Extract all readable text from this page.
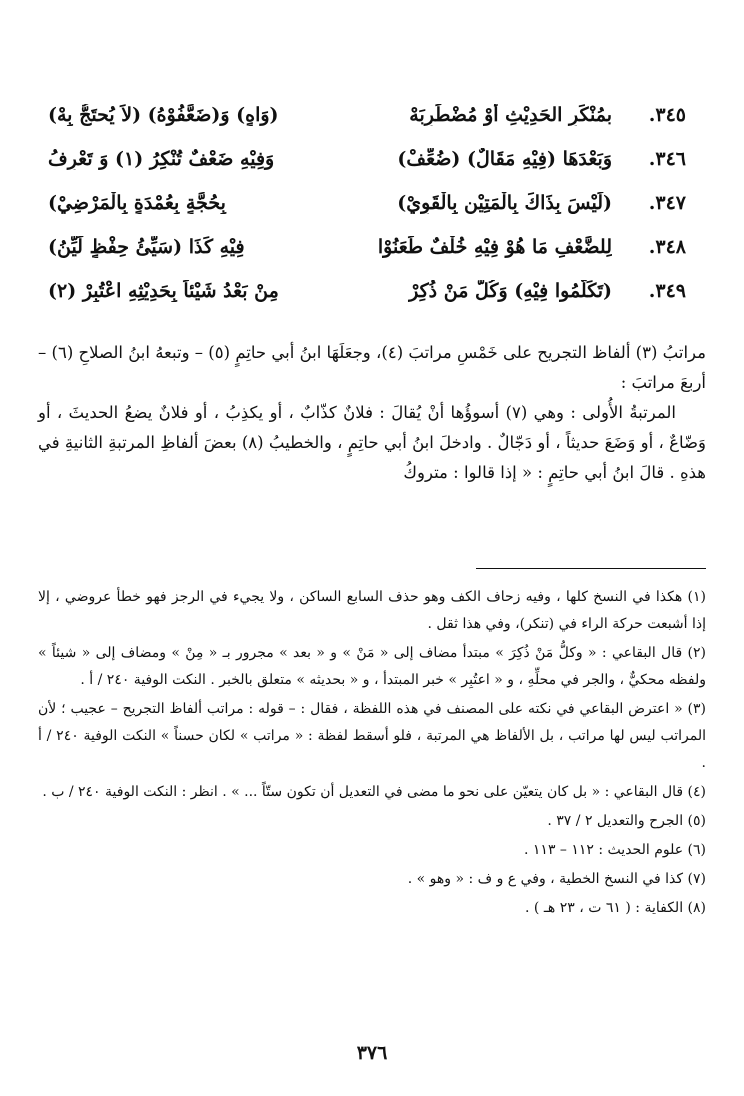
٣٤٥.
بمُنْكَرِ الحَدِيْثِ أَوْ مُضْطَرِبَهْ
(وَاهٍ) وَ(ضَعَّفُوْهُ) (لاَ يُحتَجُّ بِهْ)
٣٤٦.
وَبَعْدَهَا (فِيْهِ مَقَالٌ) (ضُعِّفْ)
وَفِيْهِ ضَعْفٌ تُنْكِرُ (١) وَ تَعْرِفُ
٣٤٧.
(لَيْسَ بِذَاكَ بِالْمَتِيْنِ بِالْقَوِيْ)
بِحُجَّةٍ بِعُمْدَةٍ بِالْمَرْضِيْ)
٣٤٨.
لِلضَّعْفِ مَا هُوْ فِيْهِ خُلْفٌ طَعَنُوْا
فِيْهِ كَذَا (سَيِّئُ حِفْظٍ لَيِّنُ)
٣٤٩.
(تَكَلَّمُوا فِيْهِ) وَكُلُّ مَنْ ذُكِرْ
مِنْ بَعْدُ شَيْئاً بِحَدِيْثِهِ اعْتُبِرْ (٢)

مراتبُ (٣) ألفاظ التجريح على خَمْسِ مراتبَ (٤)، وجعَلَهَا ابنُ أبي حاتِمٍ (٥) – وتبعهُ ابنُ الصلاحِ (٦) – أربعَ مراتبَ :

المرتبةُ الأُولى : وهي (٧) أسوؤُها أنْ يُقالَ : فلانٌ كذّابٌ ، أو يكذِبُ ، أو فلانٌ يضعُ الحديثَ ، أو وَضّاعٌ ، أو وَضَعَ حديثاً ، أو دَجّالٌ . وادخلَ ابنُ أبي حاتِمٍ ، والخطيبُ (٨) بعضَ ألفاظِ المرتبةِ الثانيةِ في هذهِ . قالَ ابنُ أبي حاتِمٍ : « إذا قالوا : متروكُ

(١) هكذا في النسخ كلها ، وفيه زحاف الكف وهو حذف السابع الساكن ، ولا يجيء في الرجز فهو خطأ عروضي ، إلا إذا أشبعت حركة الراء في (تنكر)، وفي هذا ثقل .

(٢) قال البقاعي : « وكلُّ مَنْ ذُكِرَ » مبتدأ مضاف إلى « مَنْ » و « بعد » مجرور بـ « مِنْ » ومضاف إلى « شيئاً » ولفظه محكيٌّ ، والجر في محلِّهِ ، و « اعتُبِر » خبر المبتدأ ، و « بحديثه » متعلق بالخبر . النكت الوفية ٢٤٠ / أ .

(٣) « اعترض البقاعي في نكته على المصنف في هذه اللفظة ، فقال : – قوله : مراتب ألفاظ التجريح – عجيب ؛ لأن المراتب ليس لها مراتب ، بل الألفاظ هي المرتبة ، فلو أسقط لفظة : « مراتب » لكان حسناً » النكت الوفية ٢٤٠ / أ .

(٤) قال البقاعي : « بل كان يتعيّن على نحو ما مضى في التعديل أن تكون ستّاً ... » . انظر : النكت الوفية ٢٤٠ / ب .

(٥) الجرح والتعديل ٢ / ٣٧ .

(٦) علوم الحديث : ١١٢ – ١١٣ .

(٧) كذا في النسخ الخطية ، وفي ع و ف : « وهو » .

(٨) الكفاية : ( ٦١ ت ، ٢٣ هـ ) .

٣٧٦
